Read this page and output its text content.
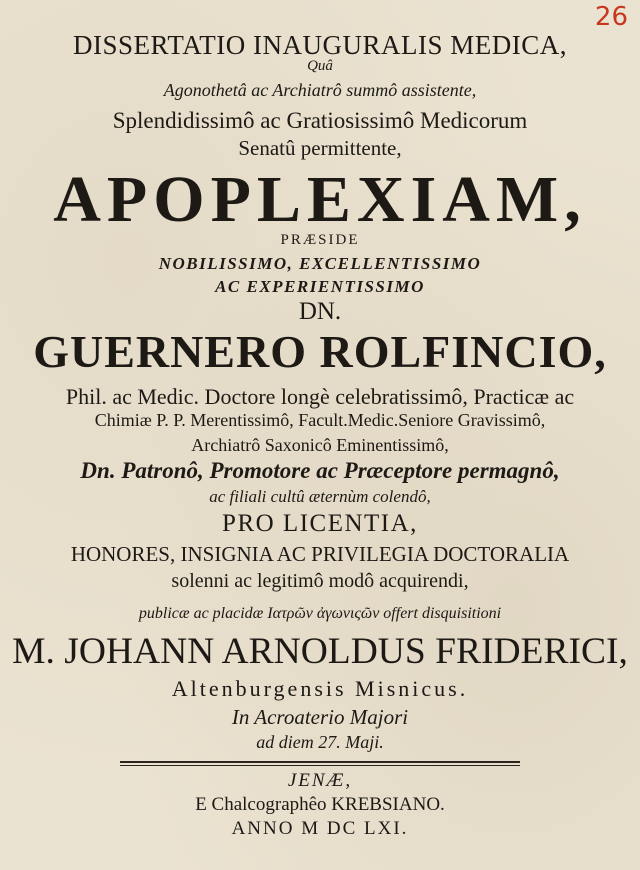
26
DISSERTATIO INAUGURALIS MEDICA,
Quâ
Agonothetâ ac Archiatrô summô assistente,
Splendidissimô ac Gratiosissimô Medicorum
Senatû permittente,
APOPLEXIAM,
PRÆSIDE
NOBILISSIMO, EXCELLENTISSIMO
AC EXPERIENTISSIMO
DN.
GUERNERO ROLFINCIO,
Phil. ac Medic. Doctore longè celebratissimô, Practicæ ac
Chimiæ P. P. Merentissimô, Facult.Medic.Seniore Gravissimô,
Archiatrô Saxonicô Eminentissimô,
Dn. Patronô, Promotore ac Præceptore permagnô,
ac filiali cultû æternùm colendô,
PRO LICENTIA,
HONORES, INSIGNIA AC PRIVILEGIA DOCTORALIA
solenni ac legitimô modô acquirendi,
publicæ ac placidæ Ιατρῶν ἀγωνιςῶν offert disquisitioni
M. JOHANN ARNOLDUS FRIDERICI,
Altenburgensis Misnicus.
In Acroaterio Majori
ad diem 27. Maji.
JENÆ,
E Chalcographêo KREBSIANO.
ANNO M DC LXI.
